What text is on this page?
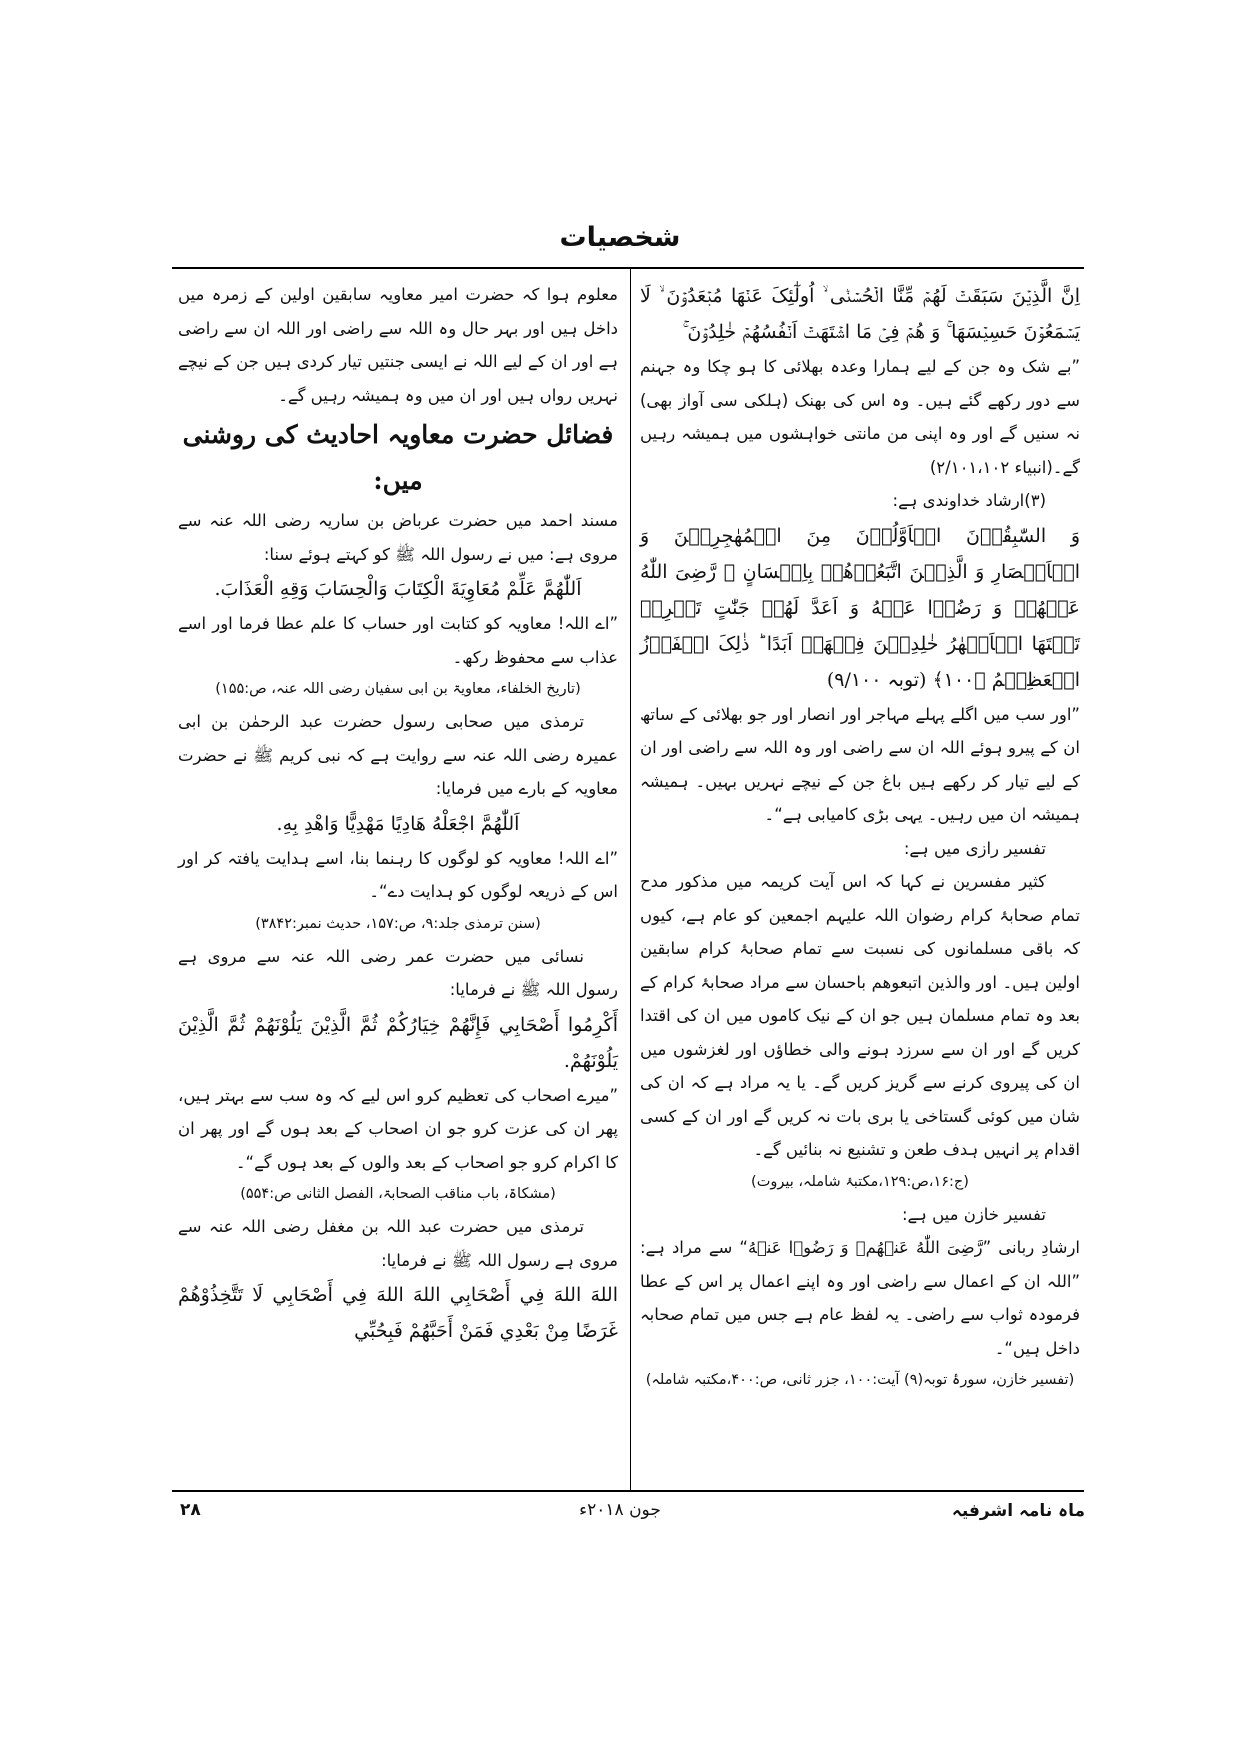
شخصیات

اِنَّ الَّذِیۡنَ سَبَقَتۡ لَهُمۡ مِّنَّا الۡحُسۡنٰۤی ۙ اُولٰٓئِکَ عَنۡهَا مُبۡعَدُوۡنَ ۙ لَا یَسۡمَعُوۡنَ حَسِیۡسَهَا ۚ وَ هُمۡ فِیۡ مَا اشۡتَهَتۡ اَنۡفُسُهُمۡ خٰلِدُوۡنَ ۚ

”بے شک وہ جن کے لیے ہمارا وعدہ بھلائی کا ہو چکا وہ جہنم سے دور رکھے گئے ہیں۔ وہ اس کی بھنک (ہلکی سی آواز بھی) نہ سنیں گے اور وہ اپنی من مانتی خواہشوں میں ہمیشہ رہیں گے۔(انبیاء ۲/۱۰۱،۱۰۲)

(۳)ارشاد خداوندی ہے:

وَ السّٰبِقُوۡنَ الۡاَوَّلُوۡنَ مِنَ الۡمُهٰجِرِیۡنَ وَ الۡاَنۡصَارِ وَ الَّذِیۡنَ اتَّبَعُوۡهُمۡ بِاِحۡسَانٍ ۙ رَّضِیَ اللّٰهُ عَنۡهُمۡ وَ رَضُوۡا عَنۡهُ وَ اَعَدَّ لَهُمۡ جَنّٰتٍ تَجۡرِیۡ تَحۡتَهَا الۡاَنۡهٰرُ خٰلِدِیۡنَ فِیۡهَاۤ اَبَدًا ؕ ذٰلِکَ الۡفَوۡزُ الۡعَظِیۡمُ ﴿۱۰۰﴾ (توبہ ۹/۱۰۰)

”اور سب میں اگلے پہلے مہاجر اور انصار اور جو بھلائی کے ساتھ ان کے پیرو ہوئے اللہ ان سے راضی اور وہ اللہ سے راضی اور ان کے لیے تیار کر رکھے ہیں باغ جن کے نیچے نہریں بہیں۔ ہمیشہ ہمیشہ ان میں رہیں۔ یہی بڑی کامیابی ہے“۔

تفسیر رازی میں ہے:

کثیر مفسرین نے کہا کہ اس آیت کریمہ میں مذکور مدح تمام صحابۂ کرام رضوان اللہ علیہم اجمعین کو عام ہے، کیوں کہ باقی مسلمانوں کی نسبت سے تمام صحابۂ کرام سابقین اولین ہیں۔ اور والذین اتبعوهم باحسان سے مراد صحابۂ کرام کے بعد وہ تمام مسلمان ہیں جو ان کے نیک کاموں میں ان کی اقتدا کریں گے اور ان سے سرزد ہونے والی خطاؤں اور لغزشوں میں ان کی پیروی کرنے سے گریز کریں گے۔ یا یہ مراد ہے کہ ان کی شان میں کوئی گستاخی یا بری بات نہ کریں گے اور ان کے کسی اقدام پر انہیں ہدف طعن و تشنیع نہ بنائیں گے۔

(ج:۱۶،ص:۱۲۹،مکتبۂ شاملہ، بیروت)

تفسیر خازن میں ہے:

ارشادِ ربانی ”رَّضِیَ اللّٰهُ عَنۡهُمۡ وَ رَضُوۡا عَنۡهُ“ سے مراد ہے: ”اللہ ان کے اعمال سے راضی اور وہ اپنے اعمال پر اس کے عطا فرمودہ ثواب سے راضی۔ یہ لفظ عام ہے جس میں تمام صحابہ داخل ہیں“۔

(تفسیر خازن، سورۂ توبہ(۹) آیت:۱۰۰، جزر ثانی، ص:۴۰۰،مکتبہ شاملہ)

معلوم ہوا کہ حضرت امیر معاویہ سابقین اولین کے زمرہ میں داخل ہیں اور بہر حال وہ اللہ سے راضی اور اللہ ان سے راضی ہے اور ان کے لیے اللہ نے ایسی جنتیں تیار کردی ہیں جن کے نیچے نہریں رواں ہیں اور ان میں وہ ہمیشہ رہیں گے۔

فضائل حضرت معاویہ احادیث کی روشنی میں:

مسند احمد میں حضرت عرباض بن ساریہ رضی اللہ عنہ سے مروی ہے: میں نے رسول اللہ ﷺ کو کہتے ہوئے سنا:

اَللّٰهُمَّ عَلِّمْ مُعَاوِيَةَ الْكِتَابَ وَالْحِسَابَ وَقِهِ الْعَذَابَ.

”اے اللہ! معاویہ کو کتابت اور حساب کا علم عطا فرما اور اسے عذاب سے محفوظ رکھ۔

(تاریخ الخلفاء، معاویۃ بن ابی سفیان رضی اللہ عنہ، ص:۱۵۵)

ترمذی میں صحابی رسول حضرت عبد الرحمٰن بن ابی عمیرہ رضی اللہ عنہ سے روایت ہے کہ نبی کریم ﷺ نے حضرت معاویہ کے بارے میں فرمایا:

اَللّٰهُمَّ اجْعَلْهُ هَادِيًا مَهْدِيًّا وَاهْدِ بِهِ.

”اے اللہ! معاویہ کو لوگوں کا رہنما بنا، اسے ہدایت یافتہ کر اور اس کے ذریعہ لوگوں کو ہدایت دے“۔

(سنن ترمذی جلد:۹، ص:۱۵۷، حدیث نمبر:۳۸۴۲)

نسائی میں حضرت عمر رضی اللہ عنہ سے مروی ہے رسول اللہ ﷺ نے فرمایا:

أَكْرِمُوا أَصْحَابِي فَإِنَّهُمْ خِيَارُكُمْ ثُمَّ الَّذِيْنَ يَلُوْنَهُمْ ثُمَّ الَّذِيْنَ يَلُوْنَهُمْ.

”میرے اصحاب کی تعظیم کرو اس لیے کہ وہ سب سے بہتر ہیں، پھر ان کی عزت کرو جو ان اصحاب کے بعد ہوں گے اور پھر ان کا اکرام کرو جو اصحاب کے بعد والوں کے بعد ہوں گے“۔

(مشکاۃ، باب مناقب الصحابۃ، الفصل الثانی ص:۵۵۴)

ترمذی میں حضرت عبد اللہ بن مغفل رضی اللہ عنہ سے مروی ہے رسول اللہ ﷺ نے فرمایا:

اللهَ اللهَ فِي أَصْحَابِي اللهَ اللهَ فِي أَصْحَابِي لَا تَتَّخِذُوْهُمْ غَرَضًا مِنْ بَعْدِي فَمَنْ أَحَبَّهُمْ فَبِحُبِّي

ماہ نامہ اشرفیہ
جون ۲۰۱۸ء
۲۸
